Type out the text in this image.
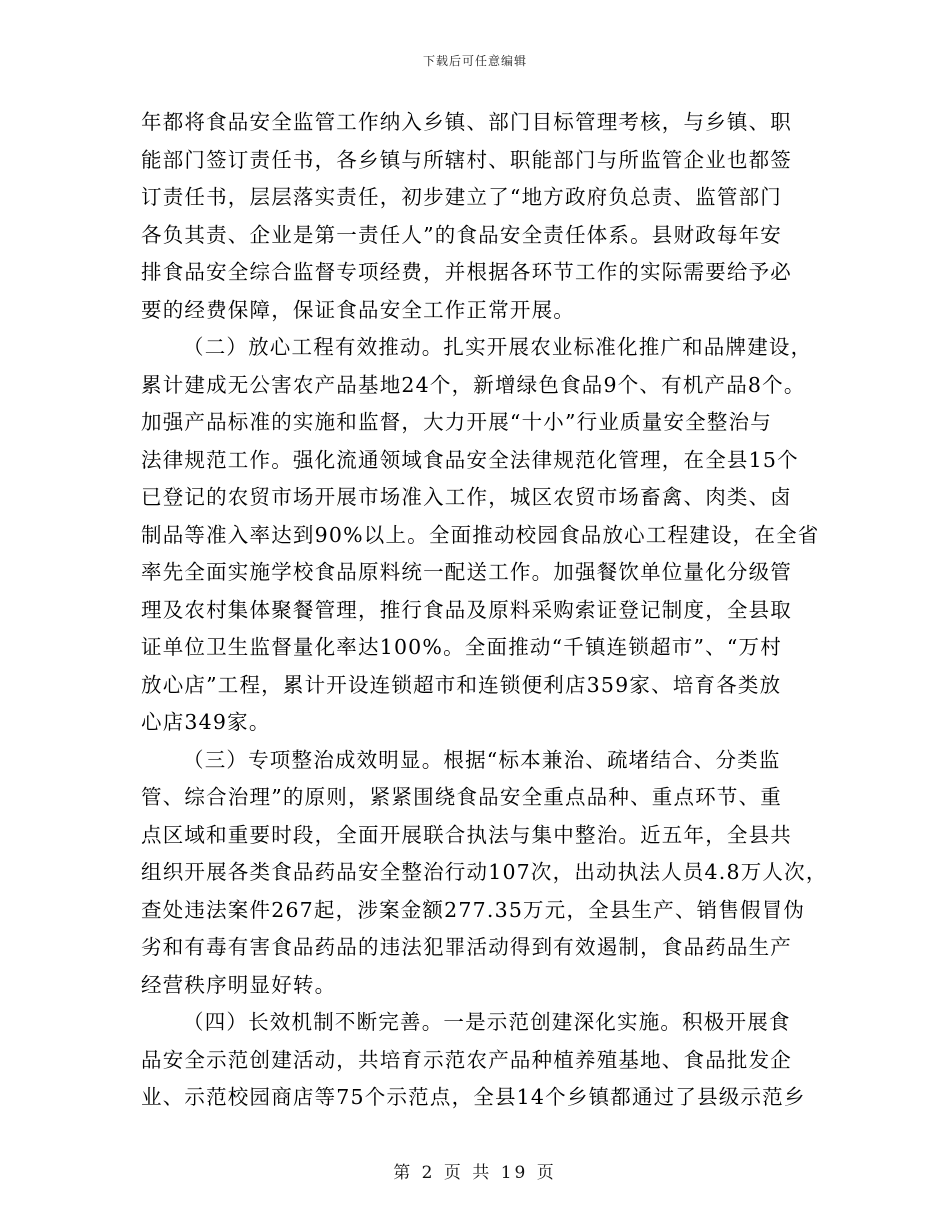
下载后可任意编辑
年都将食品安全监管工作纳入乡镇、部门目标管理考核，与乡镇、职
能部门签订责任书，各乡镇与所辖村、职能部门与所监管企业也都签
订责任书，层层落实责任，初步建立了“地方政府负总责、监管部门
各负其责、企业是第一责任人”的食品安全责任体系。县财政每年安
排食品安全综合监督专项经费，并根据各环节工作的实际需要给予必
要的经费保障，保证食品安全工作正常开展。
（二）放心工程有效推动。扎实开展农业标准化推广和品牌建设，
累计建成无公害农产品基地24个，新增绿色食品9个、有机产品8个。
加强产品标准的实施和监督，大力开展“十小”行业质量安全整治与
法律规范工作。强化流通领域食品安全法律规范化管理，在全县15个
已登记的农贸市场开展市场准入工作，城区农贸市场畜禽、肉类、卤
制品等准入率达到90%以上。全面推动校园食品放心工程建设，在全省
率先全面实施学校食品原料统一配送工作。加强餐饮单位量化分级管
理及农村集体聚餐管理，推行食品及原料采购索证登记制度，全县取
证单位卫生监督量化率达100%。全面推动“千镇连锁超市”、“万村
放心店”工程，累计开设连锁超市和连锁便利店359家、培育各类放
心店349家。
（三）专项整治成效明显。根据“标本兼治、疏堵结合、分类监
管、综合治理”的原则，紧紧围绕食品安全重点品种、重点环节、重
点区域和重要时段，全面开展联合执法与集中整治。近五年，全县共
组织开展各类食品药品安全整治行动107次，出动执法人员4.8万人次，
查处违法案件267起，涉案金额277.35万元，全县生产、销售假冒伪
劣和有毒有害食品药品的违法犯罪活动得到有效遏制，食品药品生产
经营秩序明显好转。
（四）长效机制不断完善。一是示范创建深化实施。积极开展食
品安全示范创建活动，共培育示范农产品种植养殖基地、食品批发企
业、示范校园商店等75个示范点，全县14个乡镇都通过了县级示范乡
第 2 页 共 19 页
